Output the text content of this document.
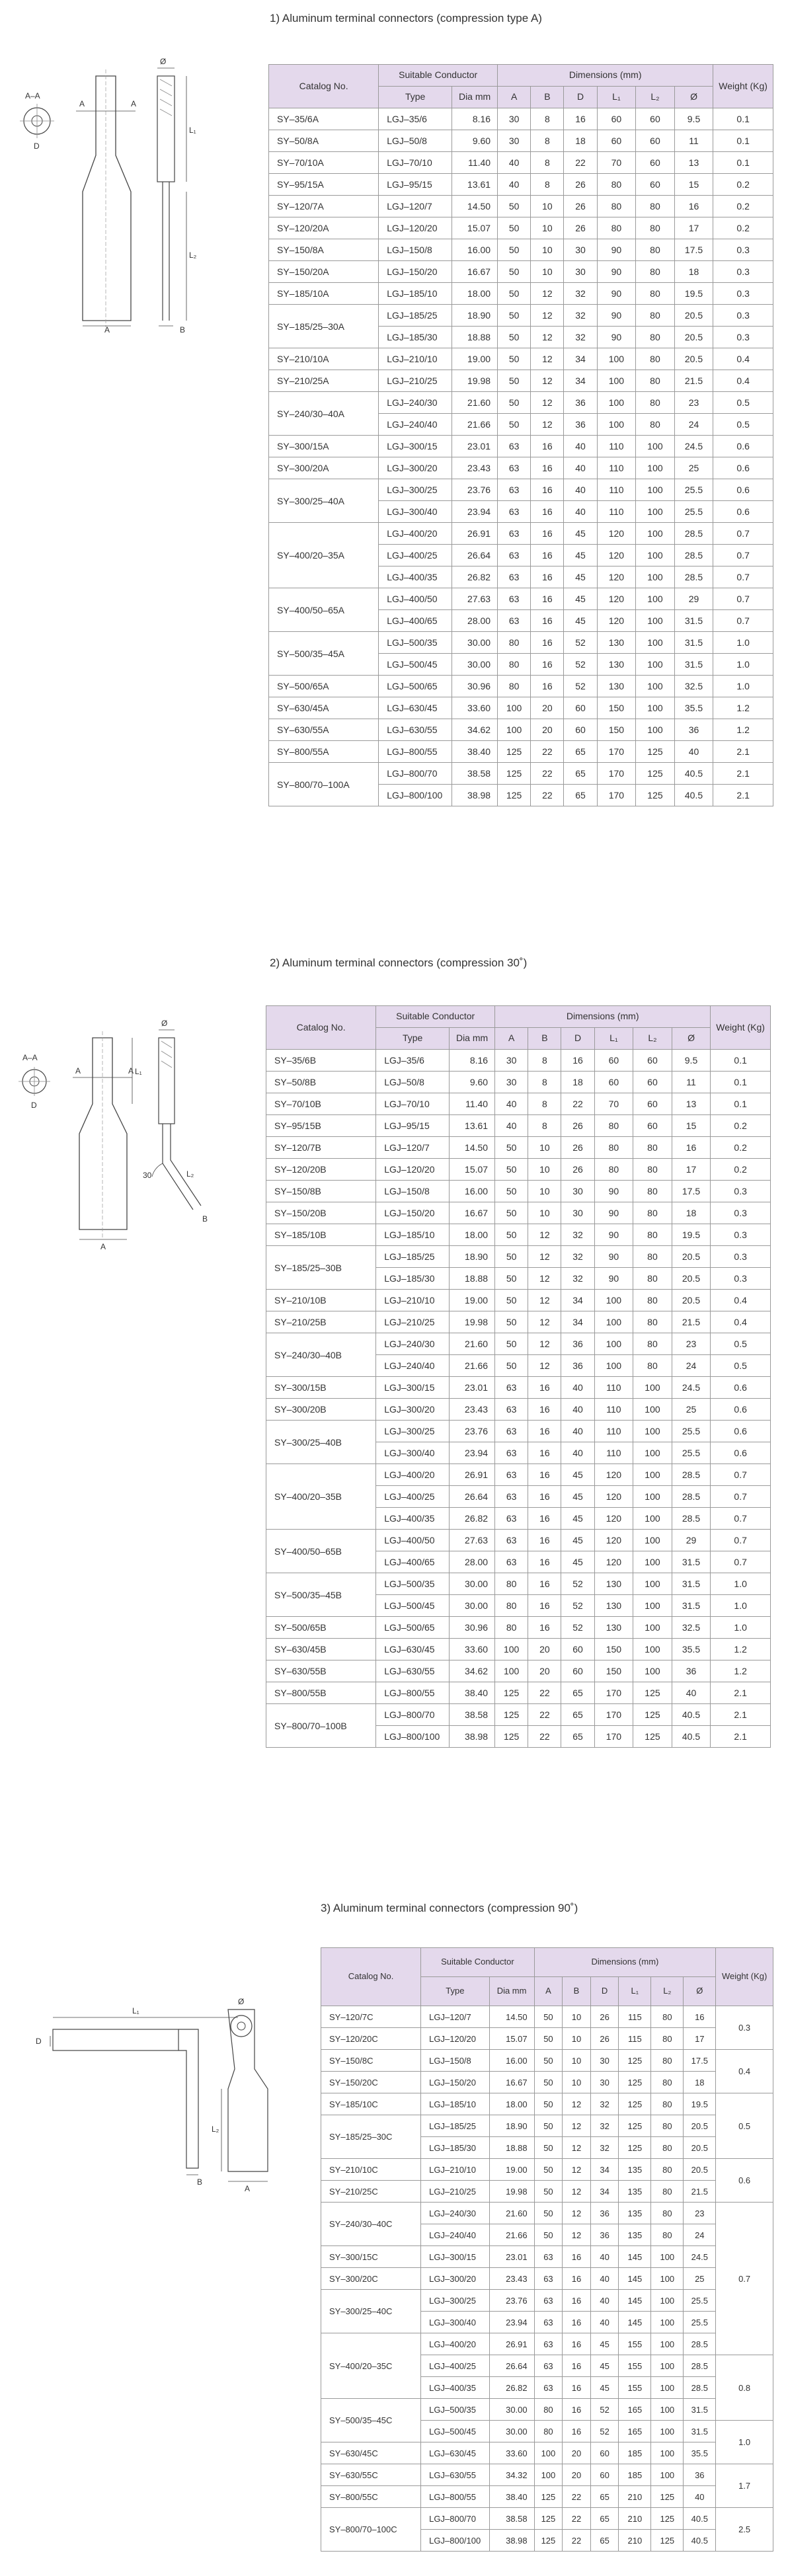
1) Aluminum terminal connectors (compression type A)
A–A
D
A	A
A
Ø
L₁
L₂
B
Catalog No.	Suitable Conductor		Dimensions (mm)						Weight (Kg)
	Type	Dia mm	A	B	D	L₁	L₂	Ø	
SY–35/6A	LGJ–35/6	8.16	30	8	16	60	60	9.5	0.1
SY–50/8A	LGJ–50/8	9.60	30	8	18	60	60	11	0.1
SY–70/10A	LGJ–70/10	11.40	40	8	22	70	60	13	0.1
SY–95/15A	LGJ–95/15	13.61	40	8	26	80	60	15	0.2
SY–120/7A	LGJ–120/7	14.50	50	10	26	80	80	16	0.2
SY–120/20A	LGJ–120/20	15.07	50	10	26	80	80	17	0.2
SY–150/8A	LGJ–150/8	16.00	50	10	30	90	80	17.5	0.3
SY–150/20A	LGJ–150/20	16.67	50	10	30	90	80	18	0.3
SY–185/10A	LGJ–185/10	18.00	50	12	32	90	80	19.5	0.3
SY–185/25–30A	LGJ–185/25	18.90	50	12	32	90	80	20.5	0.3
	LGJ–185/30	18.88	50	12	32	90	80	20.5	0.3
SY–210/10A	LGJ–210/10	19.00	50	12	34	100	80	20.5	0.4
SY–210/25A	LGJ–210/25	19.98	50	12	34	100	80	21.5	0.4
SY–240/30–40A	LGJ–240/30	21.60	50	12	36	100	80	23	0.5
	LGJ–240/40	21.66	50	12	36	100	80	24	0.5
SY–300/15A	LGJ–300/15	23.01	63	16	40	110	100	24.5	0.6
SY–300/20A	LGJ–300/20	23.43	63	16	40	110	100	25	0.6
SY–300/25–40A	LGJ–300/25	23.76	63	16	40	110	100	25.5	0.6
	LGJ–300/40	23.94	63	16	40	110	100	25.5	0.6
SY–400/20–35A	LGJ–400/20	26.91	63	16	45	120	100	28.5	0.7
	LGJ–400/25	26.64	63	16	45	120	100	28.5	0.7
	LGJ–400/35	26.82	63	16	45	120	100	28.5	0.7
SY–400/50–65A	LGJ–400/50	27.63	63	16	45	120	100	29	0.7
	LGJ–400/65	28.00	63	16	45	120	100	31.5	0.7
SY–500/35–45A	LGJ–500/35	30.00	80	16	52	130	100	31.5	1.0
	LGJ–500/45	30.00	80	16	52	130	100	31.5	1.0
SY–500/65A	LGJ–500/65	30.96	80	16	52	130	100	32.5	1.0
SY–630/45A	LGJ–630/45	33.60	100	20	60	150	100	35.5	1.2
SY–630/55A	LGJ–630/55	34.62	100	20	60	150	100	36	1.2
SY–800/55A	LGJ–800/55	38.40	125	22	65	170	125	40	2.1
SY–800/70–100A	LGJ–800/70	38.58	125	22	65	170	125	40.5	2.1
	LGJ–800/100	38.98	125	22	65	170	125	40.5	2.1
2) Aluminum terminal connectors (compression 30˚)
A–A
D
A	A
A
L₁
Ø
30	L₂
B
Catalog No.	Suitable Conductor		Dimensions (mm)						Weight (Kg)
	Type	Dia mm	A	B	D	L₁	L₂	Ø	
SY–35/6B	LGJ–35/6	8.16	30	8	16	60	60	9.5	0.1
SY–50/8B	LGJ–50/8	9.60	30	8	18	60	60	11	0.1
SY–70/10B	LGJ–70/10	11.40	40	8	22	70	60	13	0.1
SY–95/15B	LGJ–95/15	13.61	40	8	26	80	60	15	0.2
SY–120/7B	LGJ–120/7	14.50	50	10	26	80	80	16	0.2
SY–120/20B	LGJ–120/20	15.07	50	10	26	80	80	17	0.2
SY–150/8B	LGJ–150/8	16.00	50	10	30	90	80	17.5	0.3
SY–150/20B	LGJ–150/20	16.67	50	10	30	90	80	18	0.3
SY–185/10B	LGJ–185/10	18.00	50	12	32	90	80	19.5	0.3
SY–185/25–30B	LGJ–185/25	18.90	50	12	32	90	80	20.5	0.3
	LGJ–185/30	18.88	50	12	32	90	80	20.5	0.3
SY–210/10B	LGJ–210/10	19.00	50	12	34	100	80	20.5	0.4
SY–210/25B	LGJ–210/25	19.98	50	12	34	100	80	21.5	0.4
SY–240/30–40B	LGJ–240/30	21.60	50	12	36	100	80	23	0.5
	LGJ–240/40	21.66	50	12	36	100	80	24	0.5
SY–300/15B	LGJ–300/15	23.01	63	16	40	110	100	24.5	0.6
SY–300/20B	LGJ–300/20	23.43	63	16	40	110	100	25	0.6
SY–300/25–40B	LGJ–300/25	23.76	63	16	40	110	100	25.5	0.6
	LGJ–300/40	23.94	63	16	40	110	100	25.5	0.6
SY–400/20–35B	LGJ–400/20	26.91	63	16	45	120	100	28.5	0.7
	LGJ–400/25	26.64	63	16	45	120	100	28.5	0.7
	LGJ–400/35	26.82	63	16	45	120	100	28.5	0.7
SY–400/50–65B	LGJ–400/50	27.63	63	16	45	120	100	29	0.7
	LGJ–400/65	28.00	63	16	45	120	100	31.5	0.7
SY–500/35–45B	LGJ–500/35	30.00	80	16	52	130	100	31.5	1.0
	LGJ–500/45	30.00	80	16	52	130	100	31.5	1.0
SY–500/65B	LGJ–500/65	30.96	80	16	52	130	100	32.5	1.0
SY–630/45B	LGJ–630/45	33.60	100	20	60	150	100	35.5	1.2
SY–630/55B	LGJ–630/55	34.62	100	20	60	150	100	36	1.2
SY–800/55B	LGJ–800/55	38.40	125	22	65	170	125	40	2.1
SY–800/70–100B	LGJ–800/70	38.58	125	22	65	170	125	40.5	2.1
	LGJ–800/100	38.98	125	22	65	170	125	40.5	2.1
3) Aluminum terminal connectors (compression 90˚)
L₁
D
B
Ø
L₂
A
Catalog No.	Suitable Conductor		Dimensions (mm)						Weight (Kg)
	Type	Dia mm	A	B	D	L₁	L₂	Ø	
SY–120/7C	LGJ–120/7	14.50	50	10	26	115	80	16	0.3
SY–120/20C	LGJ–120/20	15.07	50	10	26	115	80	17	
SY–150/8C	LGJ–150/8	16.00	50	10	30	125	80	17.5	0.4
SY–150/20C	LGJ–150/20	16.67	50	10	30	125	80	18	
SY–185/10C	LGJ–185/10	18.00	50	12	32	125	80	19.5	0.5
SY–185/25–30C	LGJ–185/25	18.90	50	12	32	125	80	20.5	
	LGJ–185/30	18.88	50	12	32	125	80	20.5	
SY–210/10C	LGJ–210/10	19.00	50	12	34	135	80	20.5	0.6
SY–210/25C	LGJ–210/25	19.98	50	12	34	135	80	21.5	
SY–240/30–40C	LGJ–240/30	21.60	50	12	36	135	80	23	0.7
	LGJ–240/40	21.66	50	12	36	135	80	24	
SY–300/15C	LGJ–300/15	23.01	63	16	40	145	100	24.5	
SY–300/20C	LGJ–300/20	23.43	63	16	40	145	100	25	
SY–300/25–40C	LGJ–300/25	23.76	63	16	40	145	100	25.5	
	LGJ–300/40	23.94	63	16	40	145	100	25.5	
SY–400/20–35C	LGJ–400/20	26.91	63	16	45	155	100	28.5	
	LGJ–400/25	26.64	63	16	45	155	100	28.5	0.8
	LGJ–400/35	26.82	63	16	45	155	100	28.5	
SY–500/35–45C	LGJ–500/35	30.00	80	16	52	165	100	31.5	
	LGJ–500/45	30.00	80	16	52	165	100	31.5	1.0
SY–630/45C	LGJ–630/45	33.60	100	20	60	185	100	35.5	
SY–630/55C	LGJ–630/55	34.32	100	20	60	185	100	36	1.7
SY–800/55C	LGJ–800/55	38.40	125	22	65	210	125	40	
SY–800/70–100C	LGJ–800/70	38.58	125	22	65	210	125	40.5	2.5
	LGJ–800/100	38.98	125	22	65	210	125	40.5	
